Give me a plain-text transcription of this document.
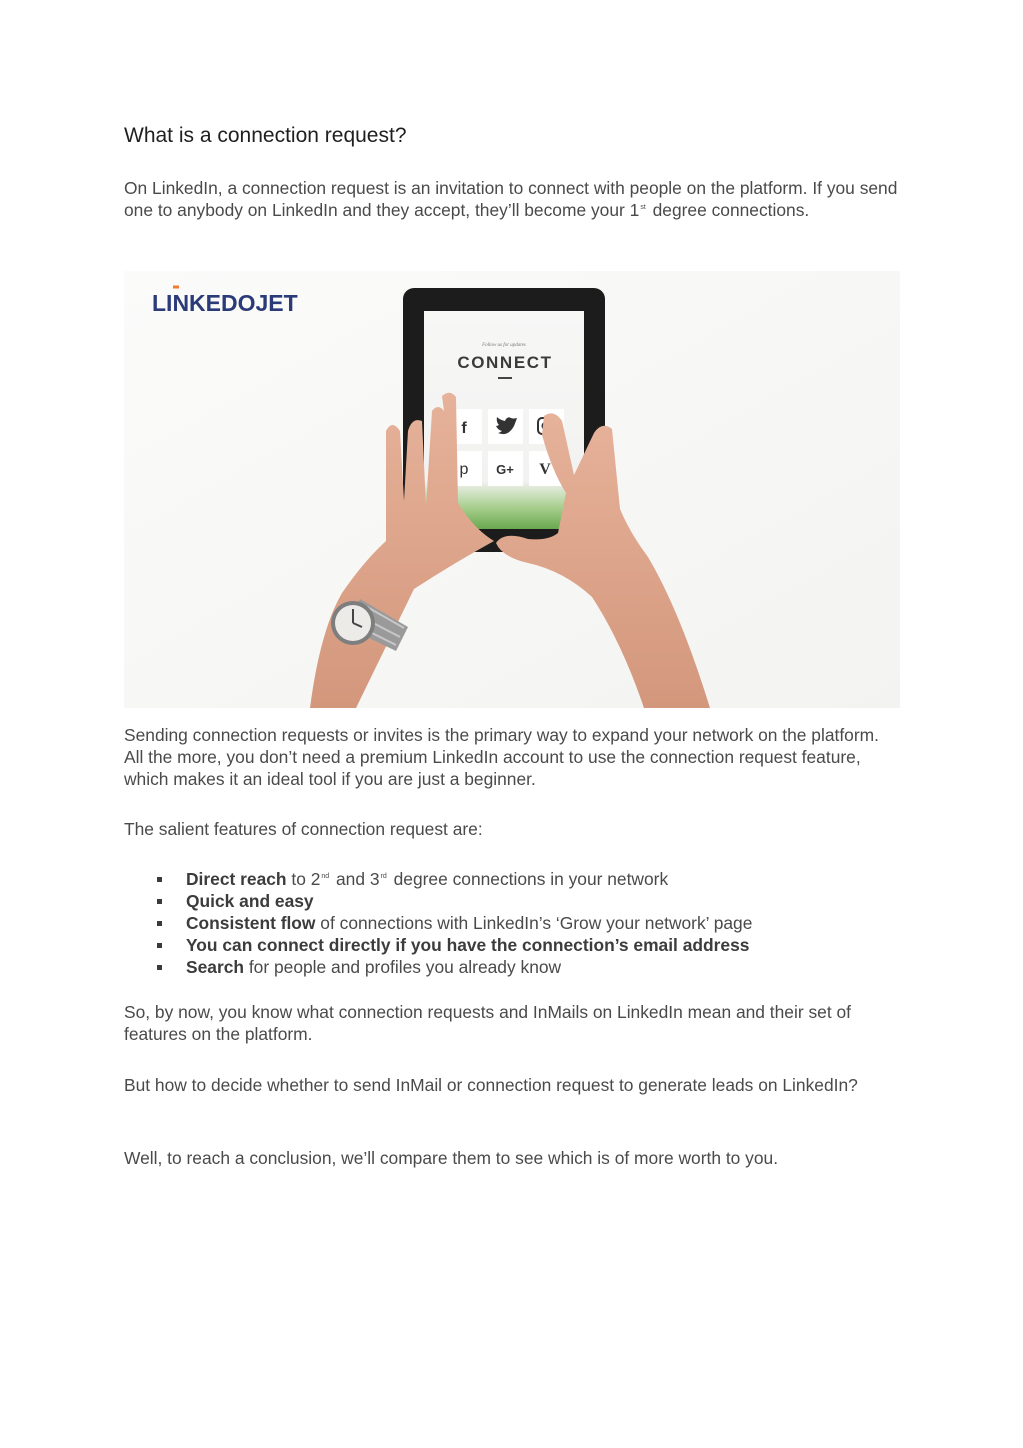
What is a connection request?

On LinkedIn, a connection request is an invitation to connect with people on the platform. If you send one to anybody on LinkedIn and they accept, they’ll become your 1st degree connections.

LINKEDOJET
Follow us for updates
CONNECT
f
p G+ V

Sending connection requests or invites is the primary way to expand your network on the platform. All the more, you don’t need a premium LinkedIn account to use the connection request feature, which makes it an ideal tool if you are just a beginner.

The salient features of connection request are:

Direct reach to 2nd and 3rd degree connections in your network
Quick and easy
Consistent flow of connections with LinkedIn’s ‘Grow your network’ page
You can connect directly if you have the connection’s email address
Search for people and profiles you already know

So, by now, you know what connection requests and InMails on LinkedIn mean and their set of features on the platform.

But how to decide whether to send InMail or connection request to generate leads on LinkedIn?

Well, to reach a conclusion, we’ll compare them to see which is of more worth to you.
